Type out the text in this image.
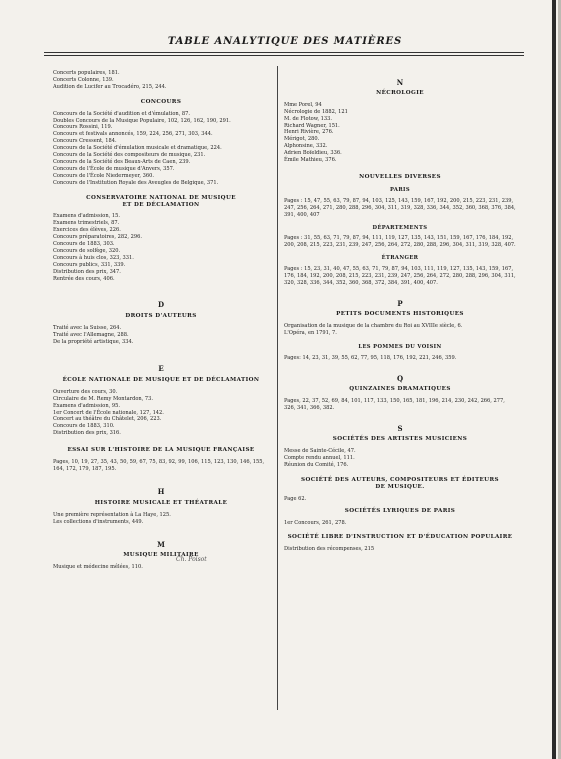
TABLE ANALYTIQUE DES MATIÈRES
Concerts populaires, 181.
Concerts Colonne, 139.
Audition de Lucifer au Trocadéro, 215, 244.
CONCOURS
Concours de la Société d'audition et d'émulation, 87.
Doubles Concours de la Musique Populaire, 102, 126, 162, 190, 291.
Concours Rossini, 119.
Concours et festivals annoncés, 159, 224, 256, 271, 303, 344.
Concours Cressent, 184.
Concours de la Société d'émulation musicale et dramatique, 224.
Concours de la Société des compositeurs de musique, 231.
Concours de la Société des Beaux-Arts de Caen, 239.
Concours de l'École de musique d'Anvers, 357.
Concours de l'École Niedermeyer, 360.
Concours de l'Institution Royale des Aveugles de Belgique, 371.
CONSERVATOIRE NATIONAL DE MUSIQUE
ET DE DÉCLAMATION
Examens d'admission, 15.
Examens trimestriels, 87.
Exercices des élèves, 226.
Concours préparatoires, 282, 296.
Concours de 1883, 303.
Concours de solfège, 320.
Concours à huis clos, 323, 331.
Concours publics, 331, 339.
Distribution des prix, 347.
Rentrée des cours, 406.
D
DROITS D'AUTEURS
Traité avec la Suisse, 264.
Traité avec l'Allemagne, 288.
De la propriété artistique, 334.
E
ÉCOLE NATIONALE DE MUSIQUE ET DE DÉCLAMATION
Ouverture des cours, 30.
Circulaire de M. Remy Montardon, 73.
Examens d'admission, 95.
1er Concert de l'École nationale, 127, 142.
Concert au théâtre du Châtelet, 206, 223.
Concours de 1883, 310.
Distribution des prix, 316.
ESSAI SUR L'HISTOIRE DE LA MUSIQUE FRANÇAISE
Pages, 10, 19, 27, 35, 43, 50, 59, 67, 75, 83, 92, 99, 106, 115, 123, 130, 146, 155, 164, 172, 179, 187, 195.
H
HISTOIRE MUSICALE ET THÉATRALE
Une première représentation à La Haye, 125.
Les collections d'instruments, 449.
M
MUSIQUE MILITAIRE
Musique et médecine mêlées, 110.
Ch. Poisot
N
NÉCROLOGIE
Mme Porel, 94
Nécrologie de 1882, 121
M. de Flotow, 133.
Richard Wagner, 151.
Henri Rivière, 276.
Mérigot, 280.
Alphonsine, 332.
Adrien Boïeldieu, 336.
Émile Mathieu, 376.
NOUVELLES DIVERSES
PARIS
Pages : 15, 47, 55, 63, 79, 87, 94, 103, 125, 143, 159, 167, 192, 200, 215, 223, 231, 239, 247, 256, 264, 271, 280, 288, 296, 304, 311, 319, 328, 336, 344, 352, 360, 368, 376, 384, 391, 400, 407
DÉPARTEMENTS
Pages : 31, 55, 63, 71, 79, 87, 94, 111, 119, 127, 135, 143, 151, 159, 167, 176, 184, 192, 200, 208, 215, 223, 231, 239, 247, 256, 264, 272, 280, 288, 296, 304, 311, 319, 328, 407.
ÉTRANGER
Pages : 15, 23, 31, 40, 47, 55, 63, 71, 79, 87, 94, 103, 111, 119, 127, 135, 143, 159, 167, 176, 184, 192, 200, 208, 215, 223, 231, 239, 247, 256, 264, 272, 280, 288, 296, 304, 311, 320, 328, 336, 344, 352, 360, 368, 372, 384, 391, 400, 407.
P
PETITS DOCUMENTS HISTORIQUES
Organisation de la musique de la chambre du Roi au XVIIIe siècle, 6.
L'Opéra, en 1791, 7.
LES POMMES DU VOISIN
Pages: 14, 23, 31, 39, 55, 62, 77, 95, 118, 176, 192, 221, 246, 359.
Q
QUINZAINES DRAMATIQUES
Pages, 22, 37, 52, 69, 84, 101, 117, 133, 150, 165, 181, 196, 214, 230, 242, 266, 277, 326, 341, 366, 382.
S
SOCIÉTÉS DES ARTISTES MUSICIENS
Messe de Sainte-Cécile, 47.
Compte rendu annuel, 111.
Réunion du Comité, 176.
SOCIÉTÉ DES AUTEURS, COMPOSITEURS ET ÉDITEURS
DE MUSIQUE.
Page 62.
SOCIÉTÉS LYRIQUES DE PARIS
1er Concours, 261, 278.
SOCIÉTÉ LIBRE D'INSTRUCTION ET D'ÉDUCATION POPULAIRE
Distribution des récompenses, 215
